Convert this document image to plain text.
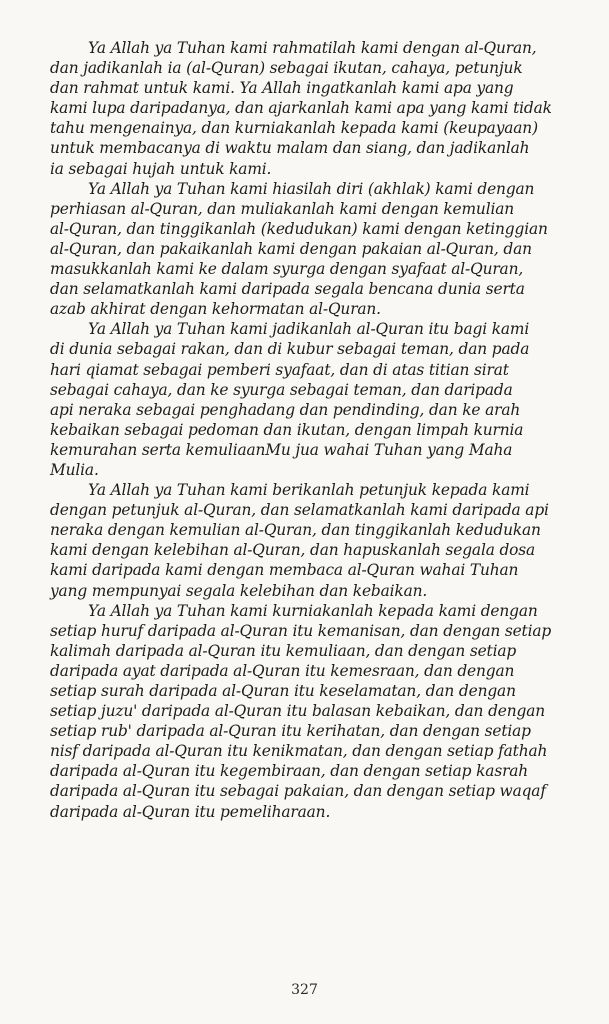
Ya Allah ya Tuhan kami rahmatilah kami dengan al-Quran,
dan jadikanlah ia (al-Quran) sebagai ikutan, cahaya, petunjuk
dan rahmat untuk kami. Ya Allah ingatkanlah kami apa yang
kami lupa daripadanya, dan ajarkanlah kami apa yang kami tidak
tahu mengenainya, dan kurniakanlah kepada kami (keupayaan)
untuk membacanya di waktu malam dan siang, dan jadikanlah
ia sebagai hujah untuk kami.
Ya Allah ya Tuhan kami hiasilah diri (akhlak) kami dengan
perhiasan al-Quran, dan muliakanlah kami dengan kemulian
al-Quran, dan tinggikanlah (kedudukan) kami dengan ketinggian
al-Quran, dan pakaikanlah kami dengan pakaian al-Quran, dan
masukkanlah kami ke dalam syurga dengan syafaat al-Quran,
dan selamatkanlah kami daripada segala bencana dunia serta
azab akhirat dengan kehormatan al-Quran.
Ya Allah ya Tuhan kami jadikanlah al-Quran itu bagi kami
di dunia sebagai rakan, dan di kubur sebagai teman, dan pada
hari qiamat sebagai pemberi syafaat, dan di atas titian sirat
sebagai cahaya, dan ke syurga sebagai teman, dan daripada
api neraka sebagai penghadang dan pendinding, dan ke arah
kebaikan sebagai pedoman dan ikutan, dengan limpah kurnia
kemurahan serta kemuliaanMu jua wahai Tuhan yang Maha
Mulia.
Ya Allah ya Tuhan kami berikanlah petunjuk kepada kami
dengan petunjuk al-Quran, dan selamatkanlah kami daripada api
neraka dengan kemulian al-Quran, dan tinggikanlah kedudukan
kami dengan kelebihan al-Quran, dan hapuskanlah segala dosa
kami daripada kami dengan membaca al-Quran wahai Tuhan
yang mempunyai segala kelebihan dan kebaikan.
Ya Allah ya Tuhan kami kurniakanlah kepada kami dengan
setiap huruf daripada al-Quran itu kemanisan, dan dengan setiap
kalimah daripada al-Quran itu kemuliaan, dan dengan setiap
daripada ayat daripada al-Quran itu kemesraan, dan dengan
setiap surah daripada al-Quran itu keselamatan, dan dengan
setiap juzu' daripada al-Quran itu balasan kebaikan, dan dengan
setiap rub' daripada al-Quran itu kerihatan, dan dengan setiap
nisf daripada al-Quran itu kenikmatan, dan dengan setiap fathah
daripada al-Quran itu kegembiraan, dan dengan setiap kasrah
daripada al-Quran itu sebagai pakaian, dan dengan setiap waqaf
daripada al-Quran itu pemeliharaan.
327
